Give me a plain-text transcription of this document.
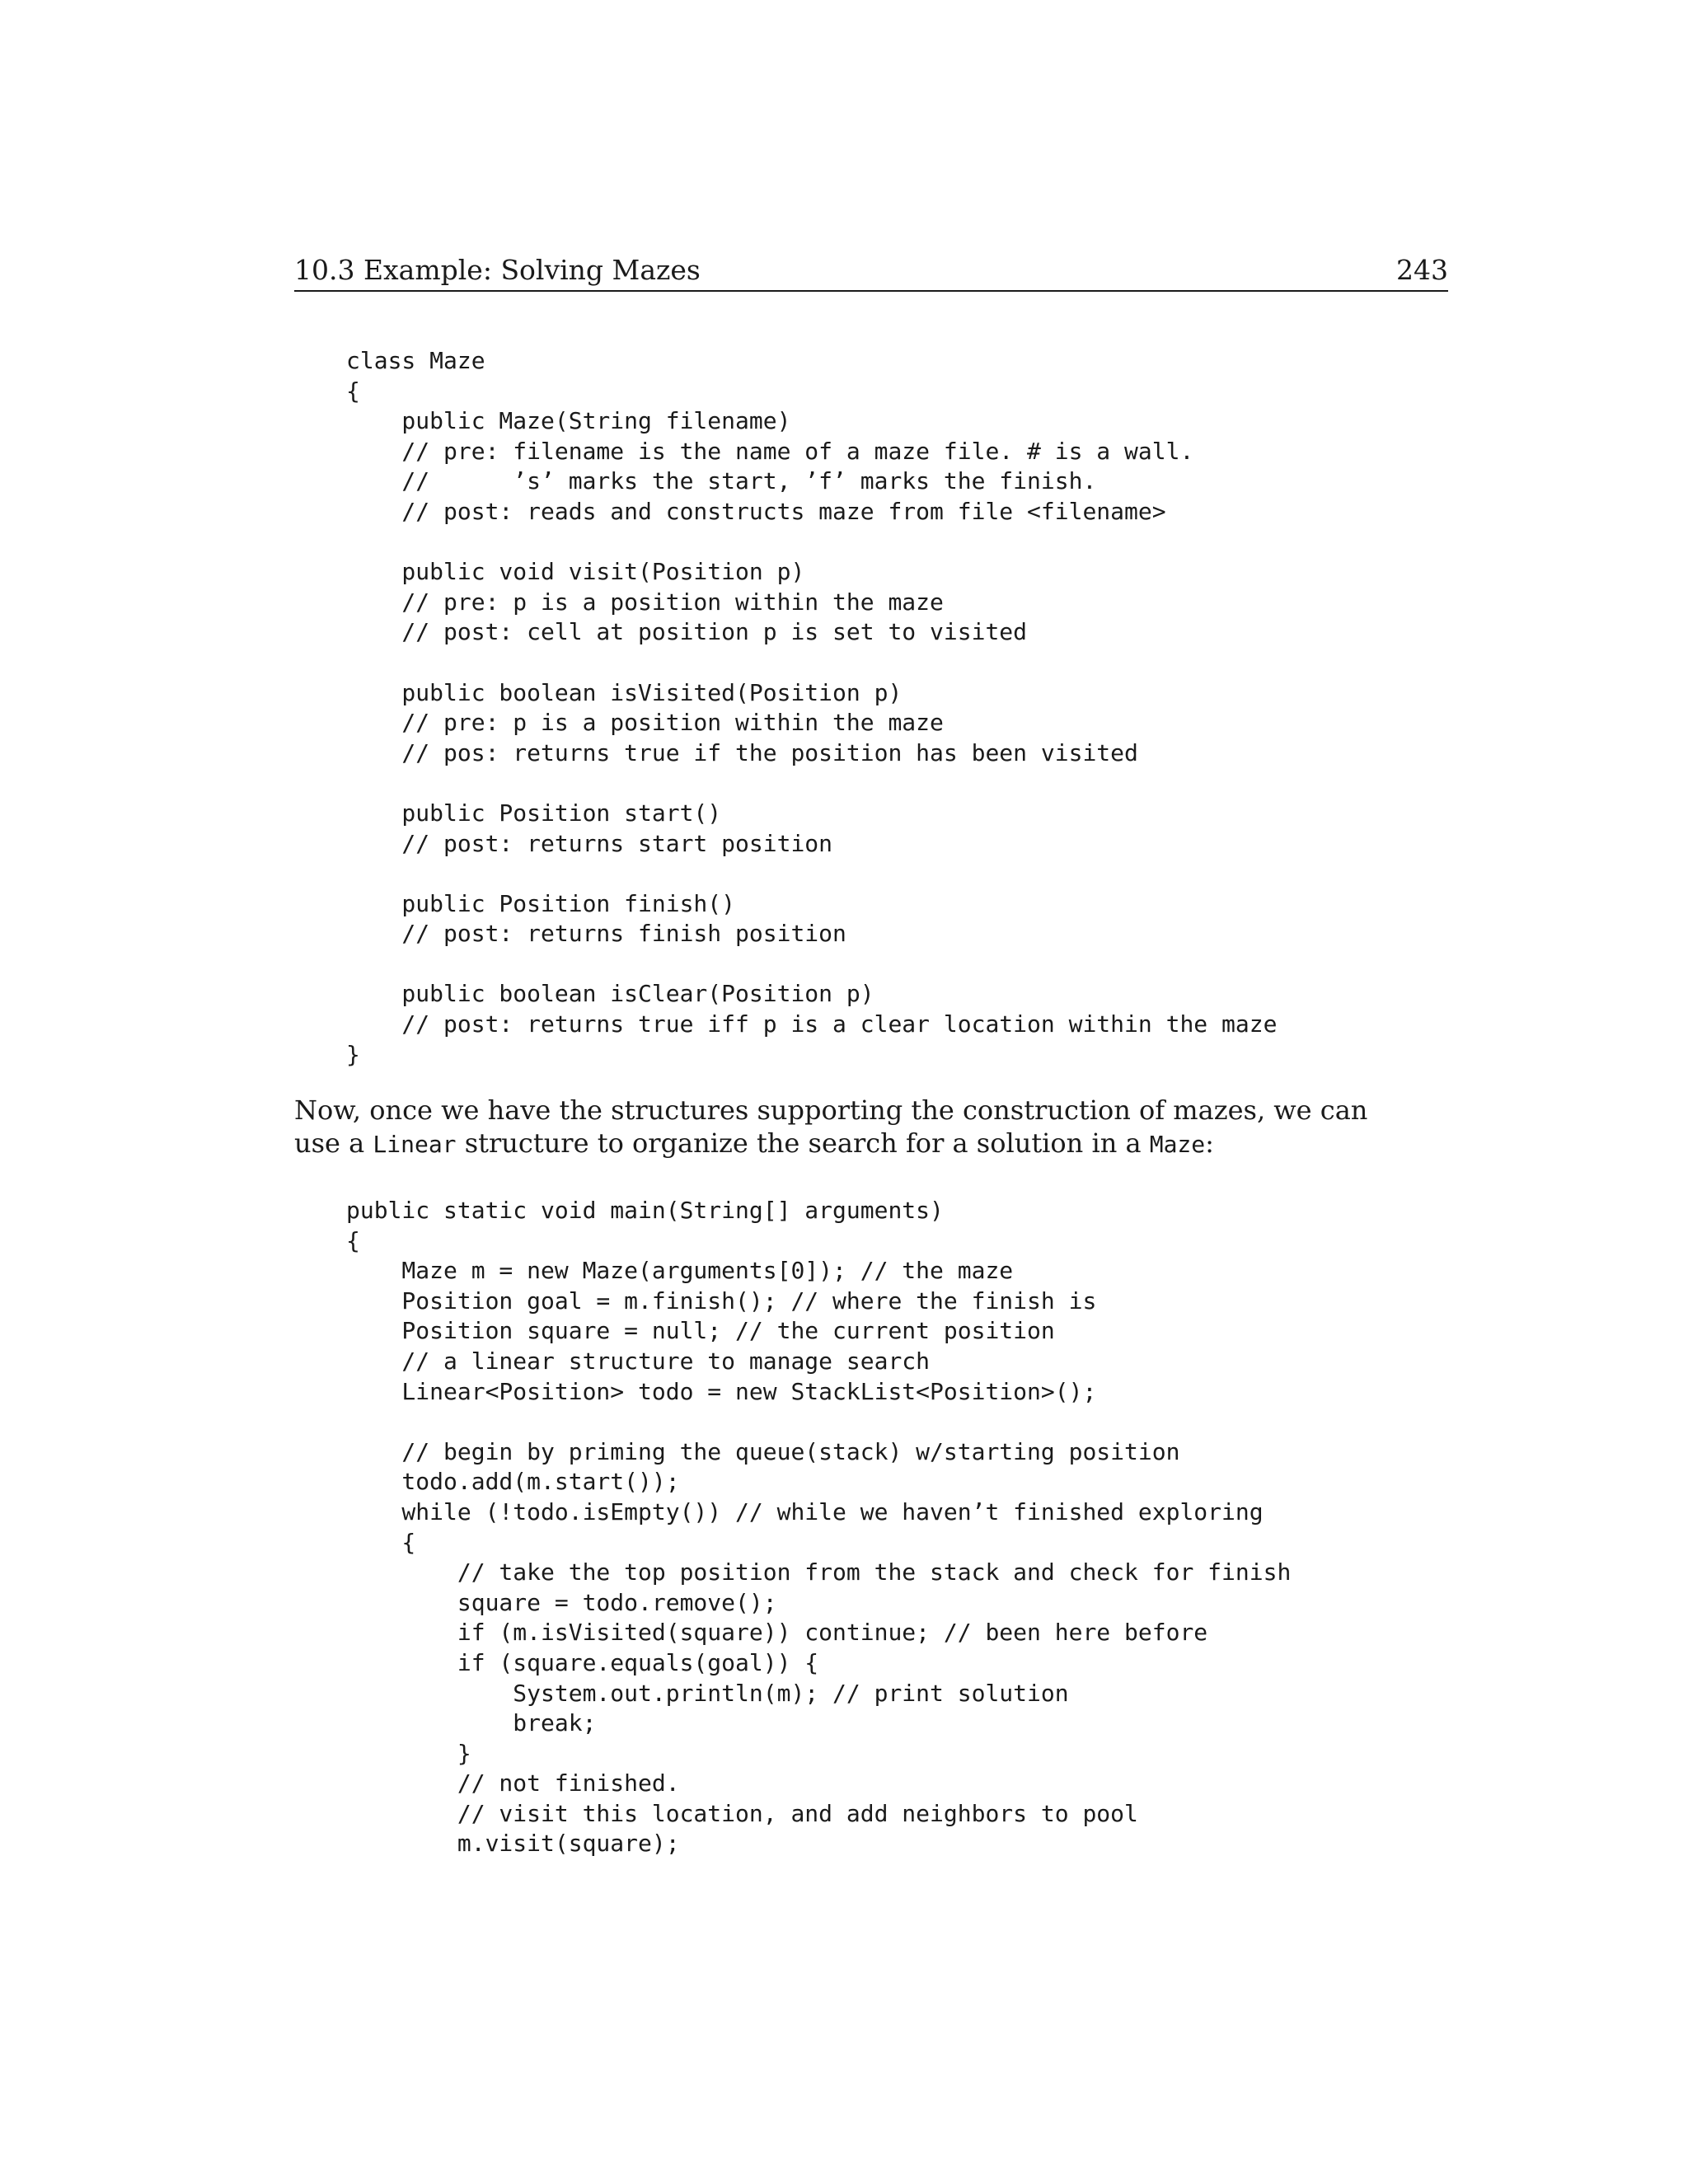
10.3 Example: Solving Mazes	243
class Maze
{
public Maze(String filename)
// pre: filename is the name of a maze file. # is a wall.
//      ’s’ marks the start, ’f’ marks the finish.
// post: reads and constructs maze from file <filename>
public void visit(Position p)
// pre: p is a position within the maze
// post: cell at position p is set to visited
public boolean isVisited(Position p)
// pre: p is a position within the maze
// pos: returns true if the position has been visited
public Position start()
// post: returns start position
public Position finish()
// post: returns finish position
public boolean isClear(Position p)
// post: returns true iff p is a clear location within the maze
}
Now, once we have the structures supporting the construction of mazes, we can
use a Linear structure to organize the search for a solution in a Maze:
public static void main(String[] arguments)
{
Maze m = new Maze(arguments[0]); // the maze
Position goal = m.finish(); // where the finish is
Position square = null; // the current position
// a linear structure to manage search
Linear<Position> todo = new StackList<Position>();
// begin by priming the queue(stack) w/starting position
todo.add(m.start());
while (!todo.isEmpty()) // while we haven’t finished exploring
{
// take the top position from the stack and check for finish
square = todo.remove();
if (m.isVisited(square)) continue; // been here before
if (square.equals(goal)) {
System.out.println(m); // print solution
break;
}
// not finished.
// visit this location, and add neighbors to pool
m.visit(square);
